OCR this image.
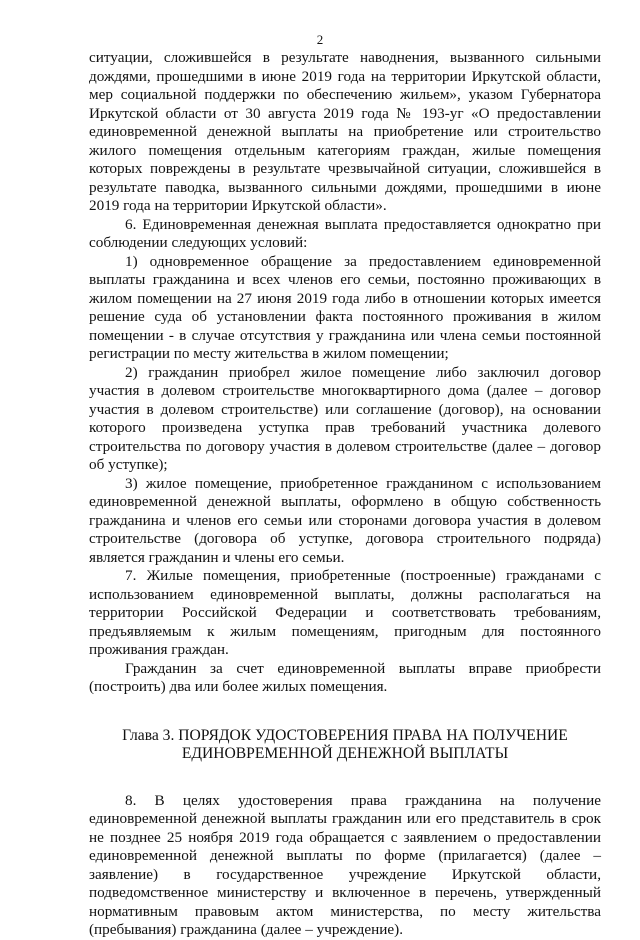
2

ситуации, сложившейся в результате наводнения, вызванного сильными дождями, прошедшими в июне 2019 года на территории Иркутской области, мер социальной поддержки по обеспечению жильем», указом Губернатора Иркутской области от 30 августа 2019 года № 193-уг «О предоставлении единовременной денежной выплаты на приобретение или строительство жилого помещения отдельным категориям граждан, жилые помещения которых повреждены в результате чрезвычайной ситуации, сложившейся в результате паводка, вызванного сильными дождями, прошедшими в июне 2019 года на территории Иркутской области».

6. Единовременная денежная выплата предоставляется однократно при соблюдении следующих условий:

1) одновременное обращение за предоставлением единовременной выплаты гражданина и всех членов его семьи, постоянно проживающих в жилом помещении на 27 июня 2019 года либо в отношении которых имеется решение суда об установлении факта постоянного проживания в жилом помещении - в случае отсутствия у гражданина или члена семьи постоянной регистрации по месту жительства в жилом помещении;

2) гражданин приобрел жилое помещение либо заключил договор участия в долевом строительстве многоквартирного дома (далее – договор участия в долевом строительстве) или соглашение (договор), на основании которого произведена уступка прав требований участника долевого строительства по договору участия в долевом строительстве (далее – договор об уступке);

3) жилое помещение, приобретенное гражданином с использованием единовременной денежной выплаты, оформлено в общую собственность гражданина и членов его семьи или сторонами договора участия в долевом строительстве (договора об уступке, договора строительного подряда) является гражданин и члены его семьи.

7. Жилые помещения, приобретенные (построенные) гражданами с использованием единовременной выплаты, должны располагаться на территории Российской Федерации и соответствовать требованиям, предъявляемым к жилым помещениям, пригодным для постоянного проживания граждан.

Гражданин за счет единовременной выплаты вправе приобрести (построить) два или более жилых помещения.

Глава 3. ПОРЯДОК УДОСТОВЕРЕНИЯ ПРАВА НА ПОЛУЧЕНИЕ
ЕДИНОВРЕМЕННОЙ ДЕНЕЖНОЙ ВЫПЛАТЫ

8. В целях удостоверения права гражданина на получение единовременной денежной выплаты гражданин или его представитель в срок не позднее 25 ноября 2019 года обращается с заявлением о предоставлении единовременной денежной выплаты по форме (прилагается) (далее – заявление) в государственное учреждение Иркутской области, подведомственное министерству и включенное в перечень, утвержденный нормативным правовым актом министерства, по месту жительства (пребывания) гражданина (далее – учреждение).
